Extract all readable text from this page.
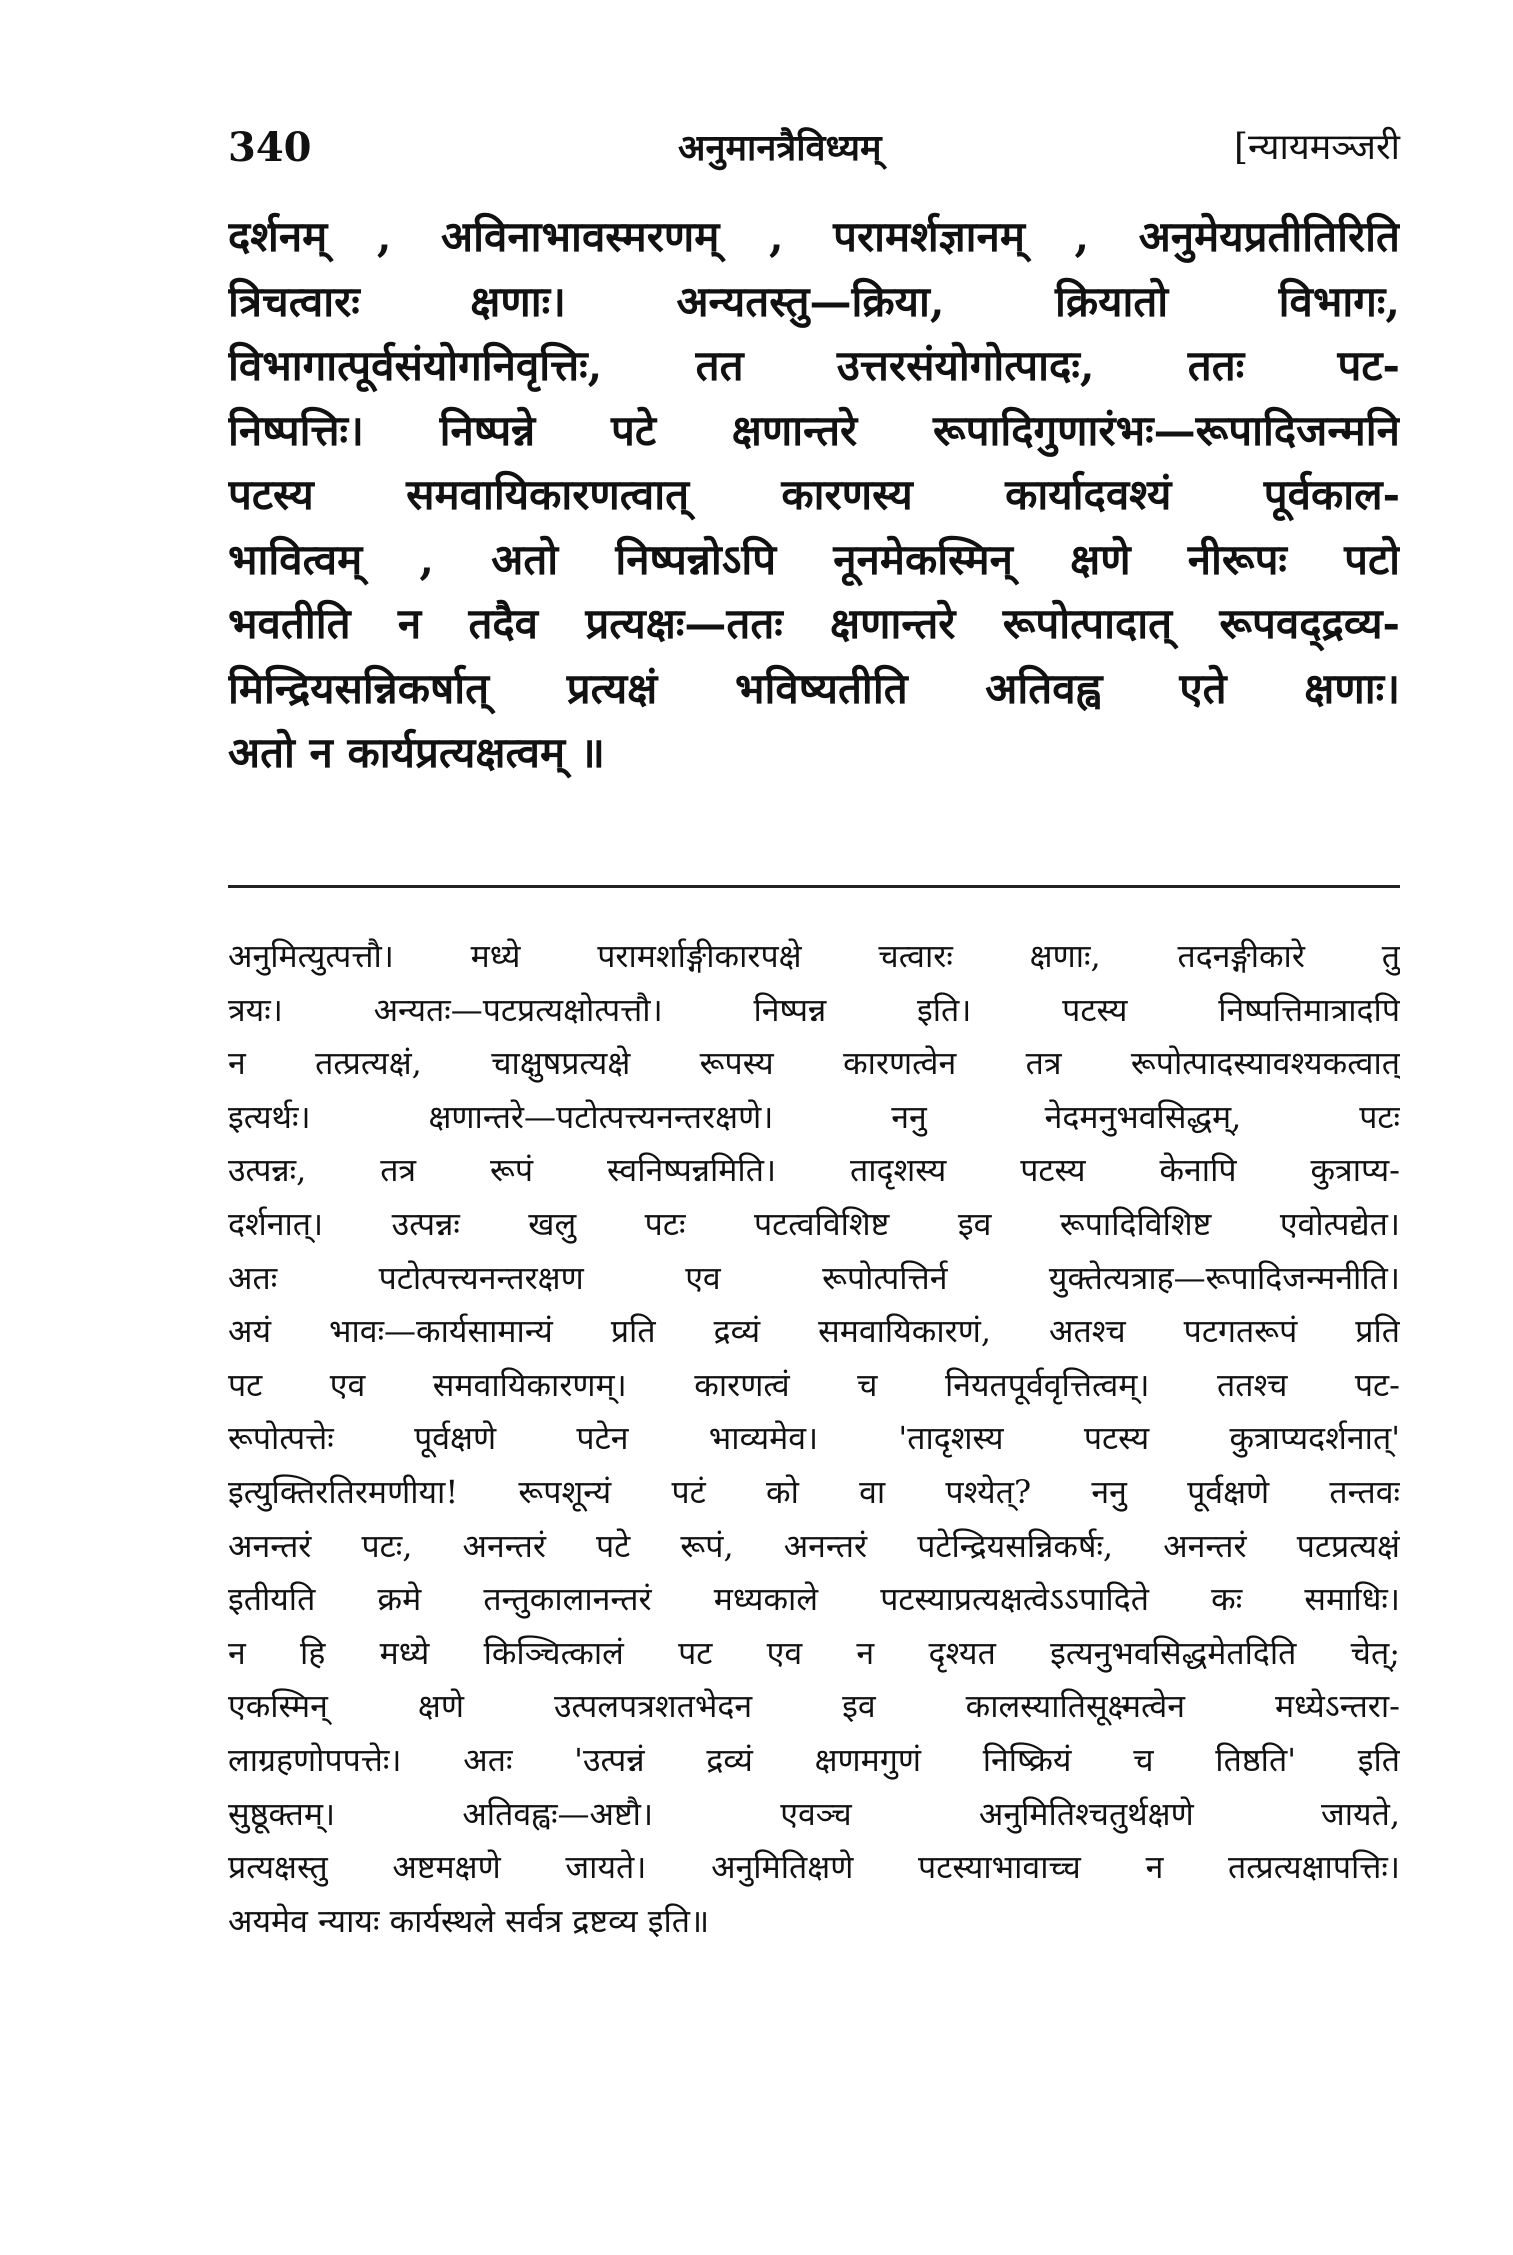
340	अनुमानत्रैविध्यम्	[न्यायमञ्जरी
दर्शनम् , अविनाभावस्मरणम् , परामर्शज्ञानम् , अनुमेयप्रतीतिरिति
त्रिचत्वारः क्षणाः। अन्यतस्तु—क्रिया, क्रियातो विभागः,
विभागात्पूर्वसंयोगनिवृत्तिः, तत उत्तरसंयोगोत्पादः, ततः पट-
निष्पत्तिः। निष्पन्ने पटे क्षणान्तरे रूपादिगुणारंभः—रूपादिजन्मनि
पटस्य समवायिकारणत्वात् कारणस्य कार्यादवश्यं पूर्वकाल-
भावित्वम् , अतो निष्पन्नोऽपि नूनमेकस्मिन् क्षणे नीरूपः पटो
भवतीति न तदैव प्रत्यक्षः—ततः क्षणान्तरे रूपोत्पादात् रूपवद्द्रव्य-
मिन्द्रियसन्निकर्षात् प्रत्यक्षं भविष्यतीति अतिवह्व एते क्षणाः।
अतो न कार्यप्रत्यक्षत्वम् ॥
अनुमित्युत्पत्तौ। मध्ये परामर्शाङ्गीकारपक्षे चत्वारः क्षणाः, तदनङ्गीकारे तु
त्रयः। अन्यतः—पटप्रत्यक्षोत्पत्तौ। निष्पन्न इति। पटस्य निष्पत्तिमात्रादपि
न तत्प्रत्यक्षं, चाक्षुषप्रत्यक्षे रूपस्य कारणत्वेन तत्र रूपोत्पादस्यावश्यकत्वात्
इत्यर्थः। क्षणान्तरे—पटोत्पत्त्यनन्तरक्षणे। ननु नेदमनुभवसिद्धम्, पटः
उत्पन्नः, तत्र रूपं स्वनिष्पन्नमिति। तादृशस्य पटस्य केनापि कुत्राप्य-
दर्शनात्। उत्पन्नः खलु पटः पटत्वविशिष्ट इव रूपादिविशिष्ट एवोत्पद्येत।
अतः पटोत्पत्त्यनन्तरक्षण एव रूपोत्पत्तिर्न युक्तेत्यत्राह—रूपादिजन्मनीति।
अयं भावः—कार्यसामान्यं प्रति द्रव्यं समवायिकारणं, अतश्च पटगतरूपं प्रति
पट एव समवायिकारणम्। कारणत्वं च नियतपूर्ववृत्तित्वम्। ततश्च पट-
रूपोत्पत्तेः पूर्वक्षणे पटेन भाव्यमेव। 'तादृशस्य पटस्य कुत्राप्यदर्शनात्'
इत्युक्तिरतिरमणीया! रूपशून्यं पटं को वा पश्येत्? ननु पूर्वक्षणे तन्तवः
अनन्तरं पटः, अनन्तरं पटे रूपं, अनन्तरं पटेन्द्रियसन्निकर्षः, अनन्तरं पटप्रत्यक्षं
इतीयति क्रमे तन्तुकालानन्तरं मध्यकाले पटस्याप्रत्यक्षत्वेऽऽपादिते कः समाधिः।
न हि मध्ये किञ्चित्कालं पट एव न दृश्यत इत्यनुभवसिद्धमेतदिति चेत्;
एकस्मिन् क्षणे उत्पलपत्रशतभेदन इव कालस्यातिसूक्ष्मत्वेन मध्येऽन्तरा-
लाग्रहणोपपत्तेः। अतः 'उत्पन्नं द्रव्यं क्षणमगुणं निष्क्रियं च तिष्ठति' इति
सुष्ठूक्तम्। अतिवह्वः—अष्टौ। एवञ्च अनुमितिश्चतुर्थक्षणे जायते,
प्रत्यक्षस्तु अष्टमक्षणे जायते। अनुमितिक्षणे पटस्याभावाच्च न तत्प्रत्यक्षापत्तिः।
अयमेव न्यायः कार्यस्थले सर्वत्र द्रष्टव्य इति॥
